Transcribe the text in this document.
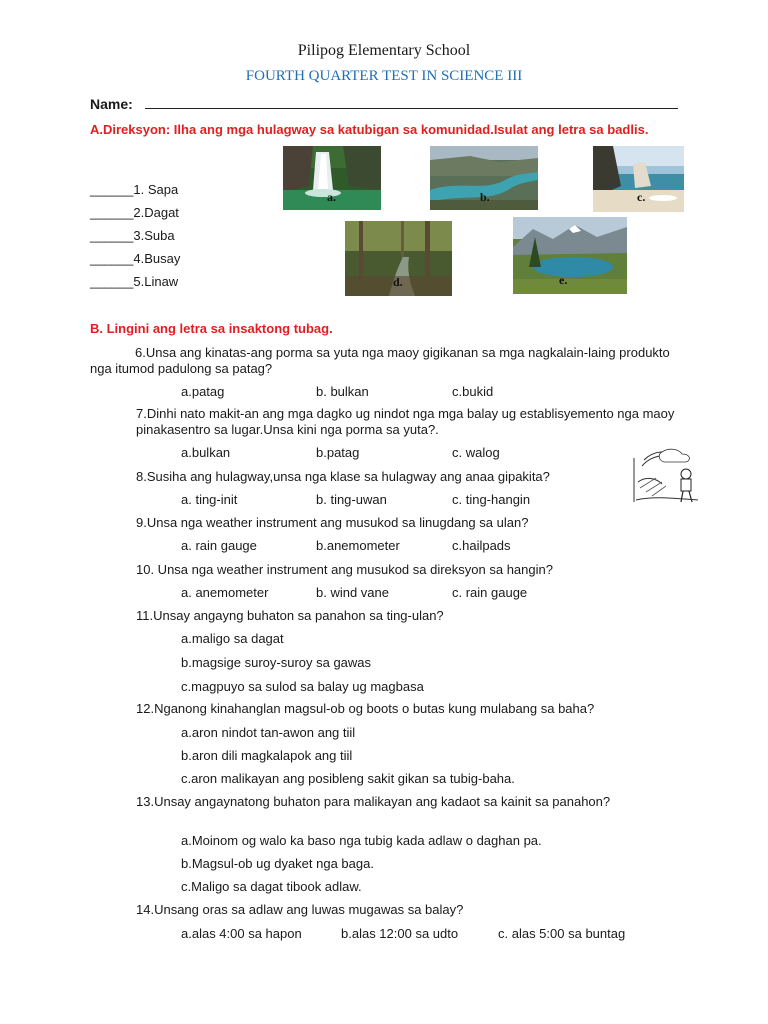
Pilipog Elementary School
FOURTH QUARTER TEST IN SCIENCE III
Name:
A.Direksyon: Ilha ang mga hulagway sa katubigan sa komunidad.Isulat ang letra sa badlis.
______1. Sapa
______2.Dagat
______3.Suba
______4.Busay
______5.Linaw
a.	b.	c.
d.	e.
B. Lingini ang letra sa insaktong tubag.
6.Unsa ang kinatas-ang porma sa yuta nga maoy gigikanan sa mga nagkalain-laing produkto nga itumod padulong sa patag?
a.patag	b. bulkan	c.bukid
7.Dinhi nato makit-an ang mga dagko ug nindot nga mga balay ug establisyemento nga maoy pinakasentro sa lugar.Unsa kini nga porma sa yuta?.
a.bulkan	b.patag	c. walog
8.Susiha ang hulagway,unsa nga klase sa hulagway ang anaa gipakita?
a. ting-init	b. ting-uwan	c. ting-hangin
9.Unsa nga weather instrument ang musukod sa linugdang sa ulan?
a. rain gauge	b.anemometer	c.hailpads
10. Unsa nga weather instrument ang musukod sa direksyon sa hangin?
a. anemometer	b. wind vane	c. rain gauge
11.Unsay angayng buhaton sa panahon sa ting-ulan?
a.maligo sa dagat
b.magsige suroy-suroy sa gawas
c.magpuyo sa sulod sa balay ug magbasa
12.Nganong kinahanglan magsul-ob og boots o butas kung mulabang sa baha?
a.aron nindot tan-awon ang tiil
b.aron dili magkalapok ang tiil
c.aron malikayan ang posibleng sakit gikan sa tubig-baha.
13.Unsay angaynatong buhaton para malikayan ang kadaot sa kainit sa panahon?
a.Moinom og walo ka baso nga tubig kada adlaw o daghan pa.
b.Magsul-ob ug dyaket nga baga.
c.Maligo sa dagat tibook adlaw.
14.Unsang oras sa adlaw ang luwas mugawas sa balay?
a.alas 4:00 sa hapon	b.alas 12:00 sa udto	c. alas 5:00 sa buntag
